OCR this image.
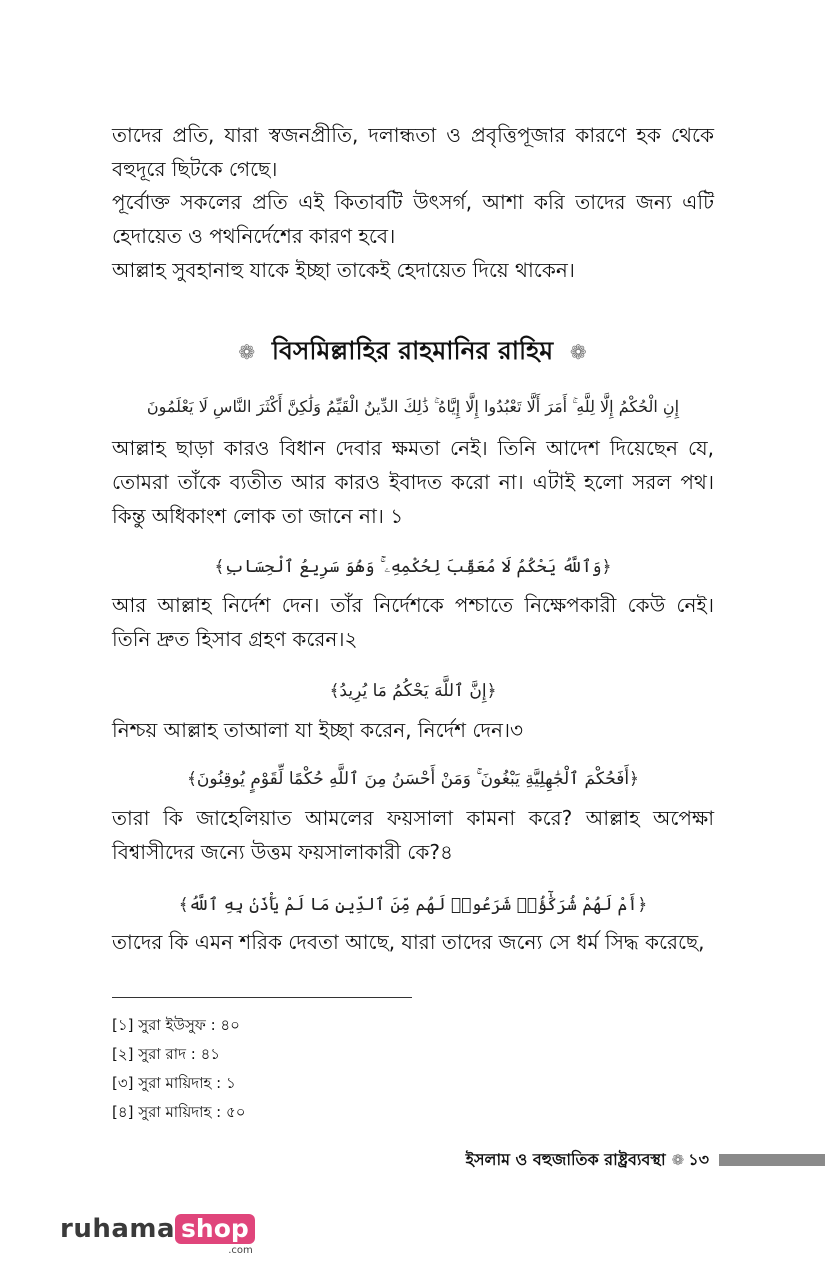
তাদের প্রতি, যারা স্বজনপ্রীতি, দলান্ধতা ও প্রবৃত্তিপূজার কারণে হক থেকে বহুদূরে ছিটকে গেছে।

পূর্বোক্ত সকলের প্রতি এই কিতাবটি উৎসর্গ, আশা করি তাদের জন্য এটি হেদায়েত ও পথনির্দেশের কারণ হবে।

আল্লাহ সুবহানাহু যাকে ইচ্ছা তাকেই হেদায়েত দিয়ে থাকেন।

❁ বিসমিল্লাহির রাহমানির রাহিম ❁
إِنِ الْحُكْمُ إِلَّا لِلَّهِ ۚ أَمَرَ أَلَّا تَعْبُدُوا إِلَّا إِيَّاهُ ۚ ذَٰلِكَ الدِّينُ الْقَيِّمُ وَلَٰكِنَّ أَكْثَرَ النَّاسِ لَا يَعْلَمُونَ

আল্লাহ ছাড়া কারও বিধান দেবার ক্ষমতা নেই। তিনি আদেশ দিয়েছেন যে, তোমরা তাঁকে ব্যতীত আর কারও ইবাদত করো না। এটাই হলো সরল পথ। কিন্তু অধিকাংশ লোক তা জানে না। ১

﴿وَٱللَّهُ يَحْكُمُ لَا مُعَقِّبَ لِحُكْمِهِۦ ۚ وَهُوَ سَرِيعُ ٱلْحِسَابِ﴾

আর আল্লাহ নির্দেশ দেন। তাঁর নির্দেশকে পশ্চাতে নিক্ষেপকারী কেউ নেই। তিনি দ্রুত হিসাব গ্রহণ করেন।২

﴿إِنَّ ٱللَّهَ يَحْكُمُ مَا يُرِيدُ﴾

নিশ্চয় আল্লাহ তাআলা যা ইচ্ছা করেন, নির্দেশ দেন।৩

﴿أَفَحُكْمَ ٱلْجَٰهِلِيَّةِ يَبْغُونَ ۚ وَمَنْ أَحْسَنُ مِنَ ٱللَّهِ حُكْمًا لِّقَوْمٍ يُوقِنُونَ﴾

তারা কি জাহেলিয়াত আমলের ফয়সালা কামনা করে? আল্লাহ অপেক্ষা বিশ্বাসীদের জন্যে উত্তম ফয়সালাকারী কে?৪

﴿أَمْ لَهُمْ شُرَكَٰٓؤُا۟ شَرَعُوا۟ لَهُم مِّنَ ٱلدِّينِ مَا لَمْ يَأْذَنۢ بِهِ ٱللَّهُ﴾

তাদের কি এমন শরিক দেবতা আছে, যারা তাদের জন্যে সে ধর্ম সিদ্ধ করেছে,

[১] সুরা ইউসুফ : ৪০
[২] সুরা রাদ : ৪১
[৩] সুরা মায়িদাহ : ১
[৪] সুরা মায়িদাহ : ৫০
ইসলাম ও বহুজাতিক রাষ্ট্রব্যবস্থা ❁ ১৩
ruhama shop
.com
